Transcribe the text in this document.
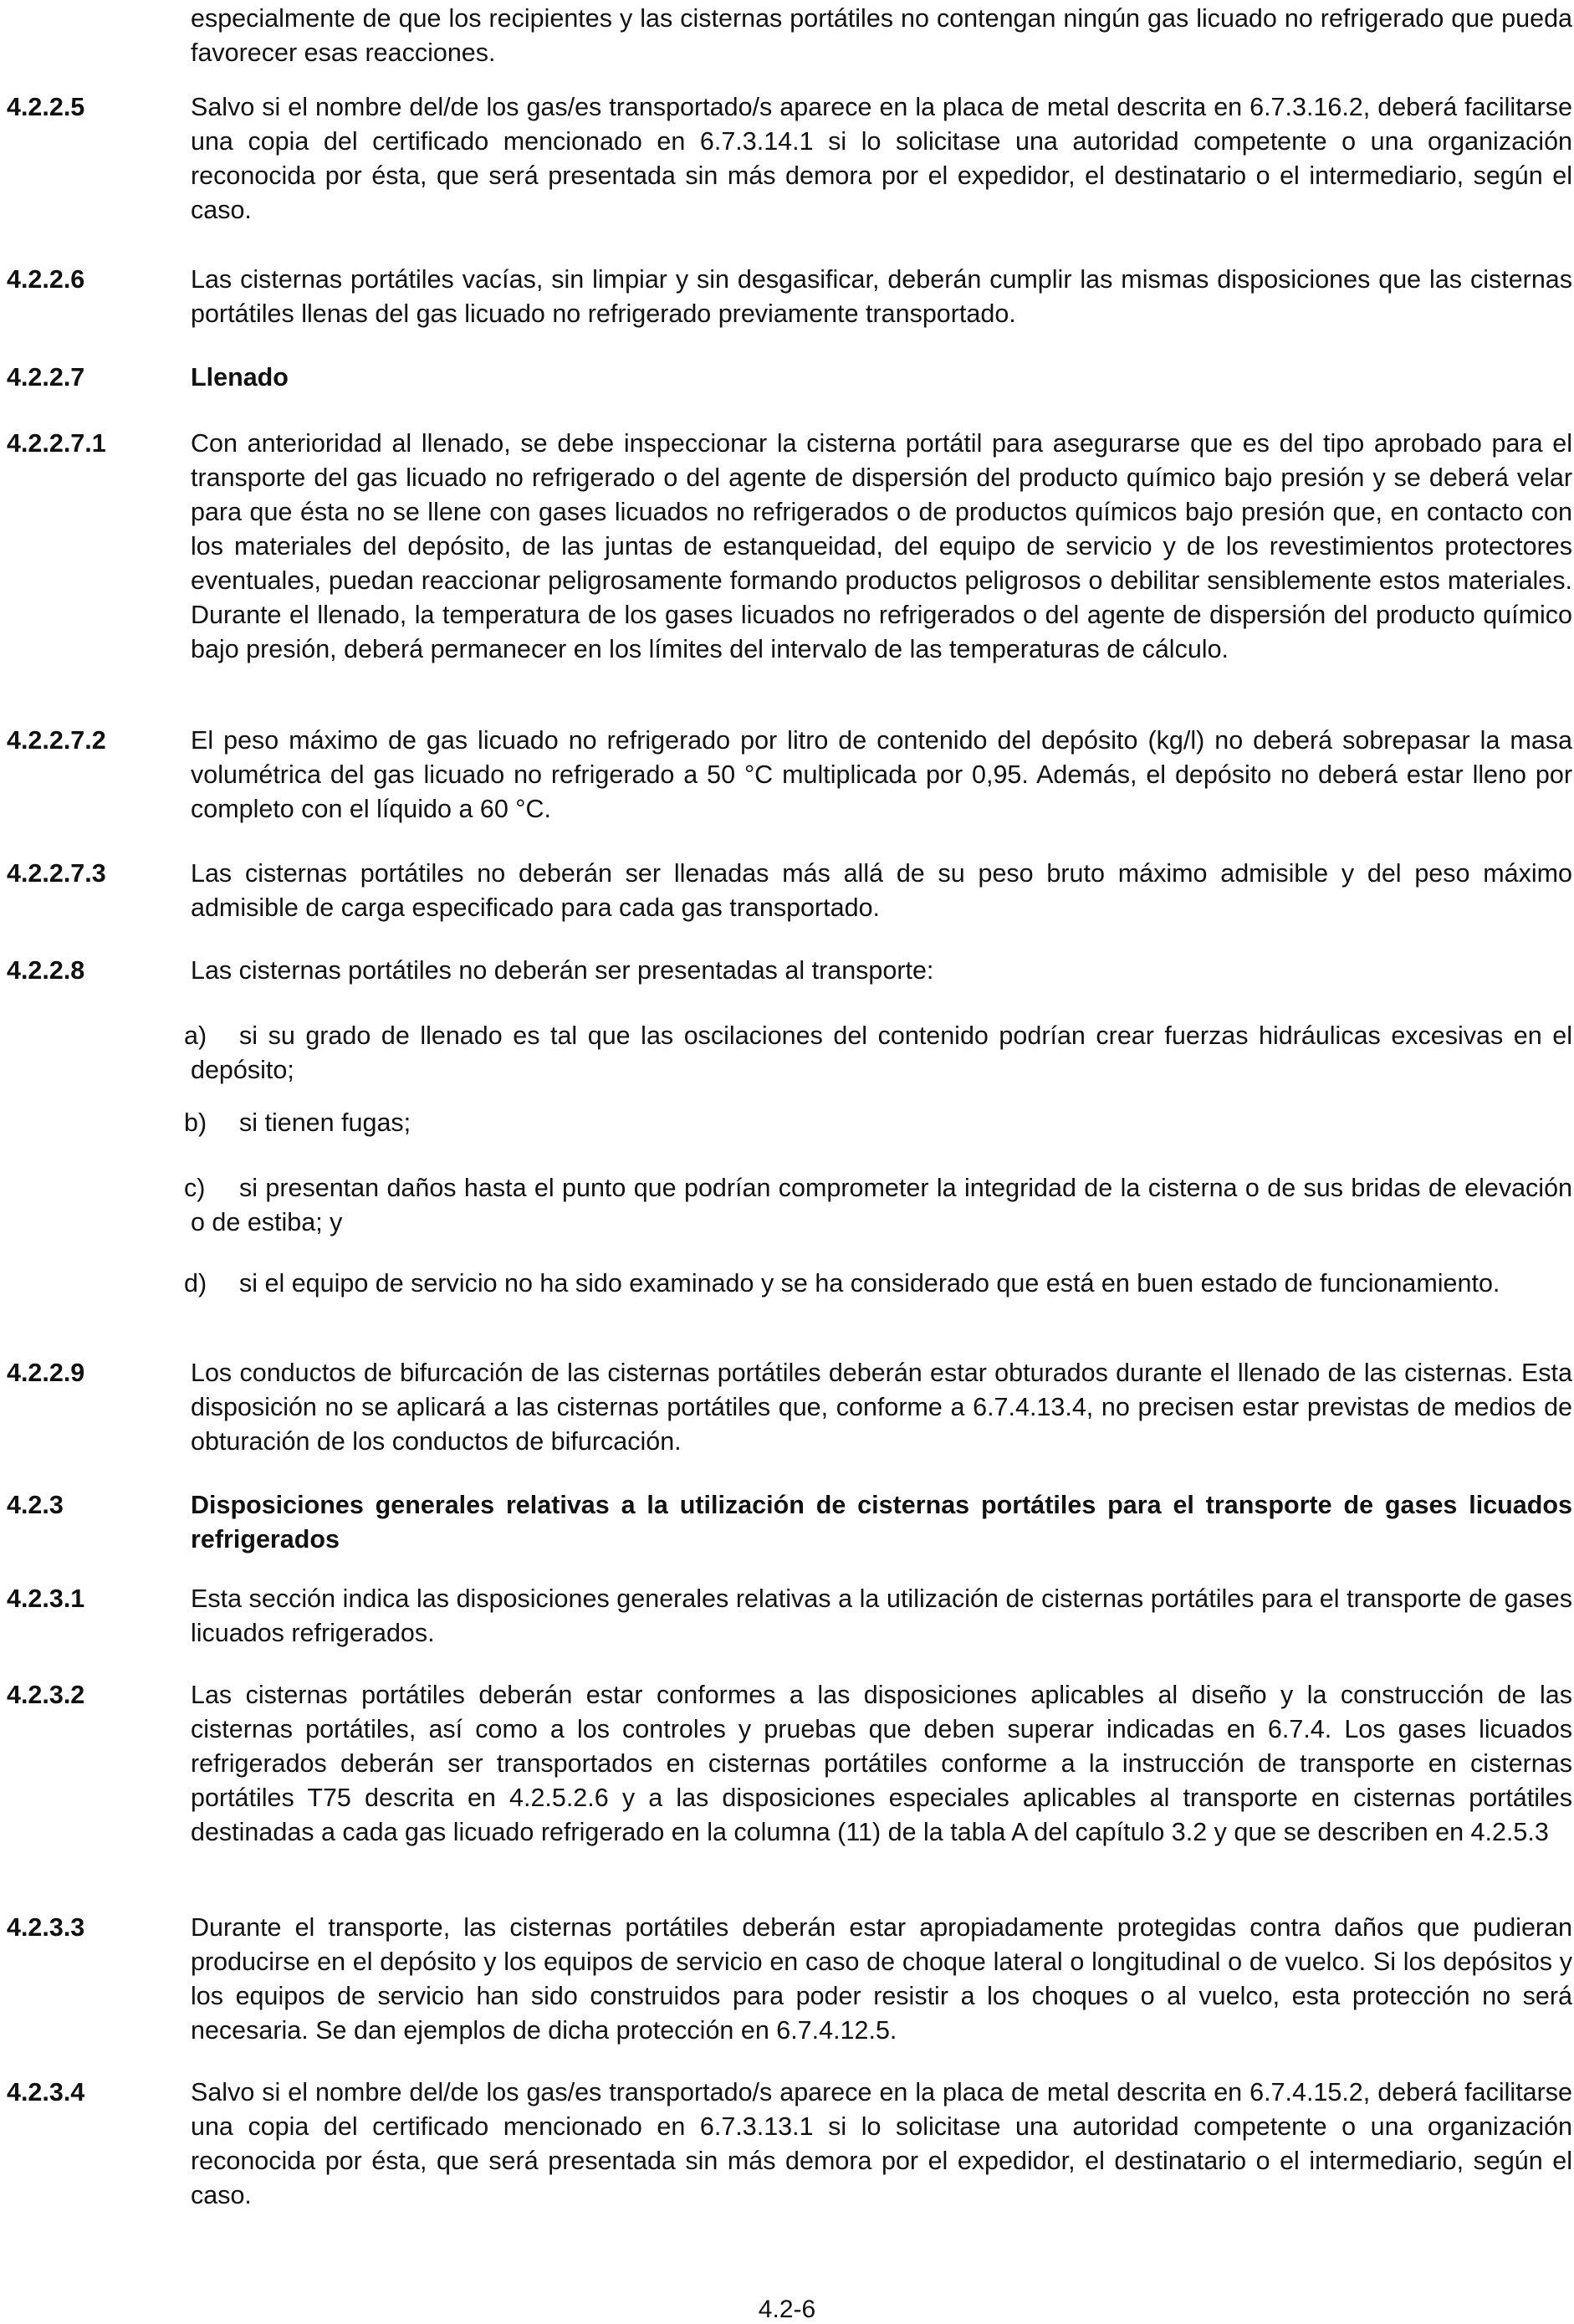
especialmente de que los recipientes y las cisternas portátiles no contengan ningún gas licuado no refrigerado que pueda favorecer esas reacciones.
4.2.2.5	Salvo si el nombre del/de los gas/es transportado/s aparece en la placa de metal descrita en 6.7.3.16.2, deberá facilitarse una copia del certificado mencionado en 6.7.3.14.1 si lo solicitase una autoridad competente o una organización reconocida por ésta, que será presentada sin más demora por el expedidor, el destinatario o el intermediario, según el caso.
4.2.2.6	Las cisternas portátiles vacías, sin limpiar y sin desgasificar, deberán cumplir las mismas disposiciones que las cisternas portátiles llenas del gas licuado no refrigerado previamente transportado.
4.2.2.7	Llenado
4.2.2.7.1	Con anterioridad al llenado, se debe inspeccionar la cisterna portátil para asegurarse que es del tipo aprobado para el transporte del gas licuado no refrigerado o del agente de dispersión del producto químico bajo presión y se deberá velar para que ésta no se llene con gases licuados no refrigerados o de productos químicos bajo presión que, en contacto con los materiales del depósito, de las juntas de estanqueidad, del equipo de servicio y de los revestimientos protectores eventuales, puedan reaccionar peligrosamente formando productos peligrosos o debilitar sensiblemente estos materiales. Durante el llenado, la temperatura de los gases licuados no refrigerados o del agente de dispersión del producto químico bajo presión, deberá permanecer en los límites del intervalo de las temperaturas de cálculo.
4.2.2.7.2	El peso máximo de gas licuado no refrigerado por litro de contenido del depósito (kg/l) no deberá sobrepasar la masa volumétrica del gas licuado no refrigerado a 50 °C multiplicada por 0,95. Además, el depósito no deberá estar lleno por completo con el líquido a 60 °C.
4.2.2.7.3	Las cisternas portátiles no deberán ser llenadas más allá de su peso bruto máximo admisible y del peso máximo admisible de carga especificado para cada gas transportado.
4.2.2.8	Las cisternas portátiles no deberán ser presentadas al transporte:
a) si su grado de llenado es tal que las oscilaciones del contenido podrían crear fuerzas hidráulicas excesivas en el depósito;
b) si tienen fugas;
c) si presentan daños hasta el punto que podrían comprometer la integridad de la cisterna o de sus bridas de elevación o de estiba; y
d) si el equipo de servicio no ha sido examinado y se ha considerado que está en buen estado de funcionamiento.
4.2.2.9	Los conductos de bifurcación de las cisternas portátiles deberán estar obturados durante el llenado de las cisternas. Esta disposición no se aplicará a las cisternas portátiles que, conforme a 6.7.4.13.4, no precisen estar previstas de medios de obturación de los conductos de bifurcación.
4.2.3	Disposiciones generales relativas a la utilización de cisternas portátiles para el transporte de gases licuados refrigerados
4.2.3.1	Esta sección indica las disposiciones generales relativas a la utilización de cisternas portátiles para el transporte de gases licuados refrigerados.
4.2.3.2	Las cisternas portátiles deberán estar conformes a las disposiciones aplicables al diseño y la construcción de las cisternas portátiles, así como a los controles y pruebas que deben superar indicadas en 6.7.4. Los gases licuados refrigerados deberán ser transportados en cisternas portátiles conforme a la instrucción de transporte en cisternas portátiles T75 descrita en 4.2.5.2.6 y a las disposiciones especiales aplicables al transporte en cisternas portátiles destinadas a cada gas licuado refrigerado en la columna (11) de la tabla A del capítulo 3.2 y que se describen en 4.2.5.3
4.2.3.3	Durante el transporte, las cisternas portátiles deberán estar apropiadamente protegidas contra daños que pudieran producirse en el depósito y los equipos de servicio en caso de choque lateral o longitudinal o de vuelco. Si los depósitos y los equipos de servicio han sido construidos para poder resistir a los choques o al vuelco, esta protección no será necesaria. Se dan ejemplos de dicha protección en 6.7.4.12.5.
4.2.3.4	Salvo si el nombre del/de los gas/es transportado/s aparece en la placa de metal descrita en 6.7.4.15.2, deberá facilitarse una copia del certificado mencionado en 6.7.3.13.1 si lo solicitase una autoridad competente o una organización reconocida por ésta, que será presentada sin más demora por el expedidor, el destinatario o el intermediario, según el caso.
4.2-6
